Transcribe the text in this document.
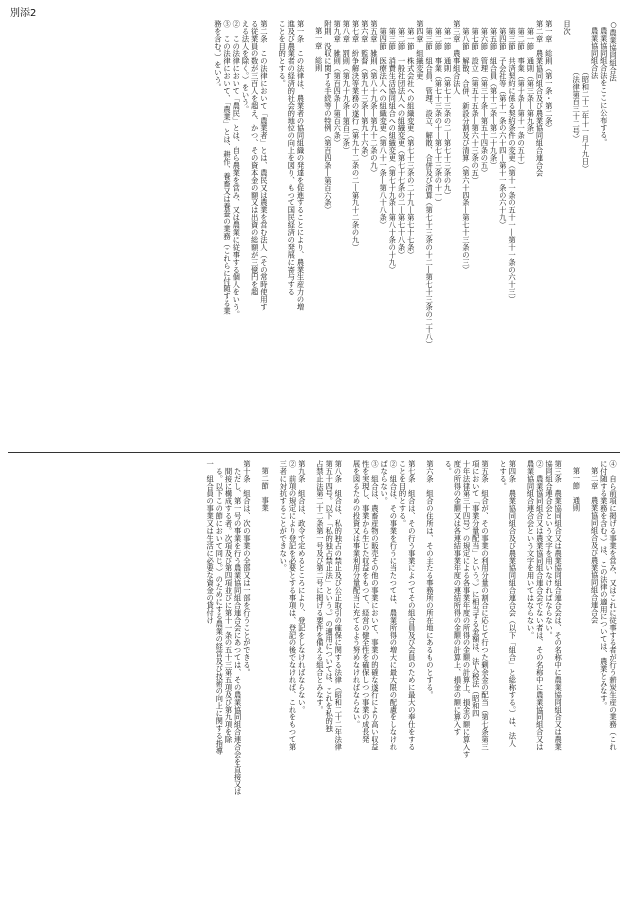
別添2
○農業協同組合法
農業協同組合法をここに公布する。
農業協同組合法
（昭和二十二年十一月十九日）
（法律第百三十二号）
目次
第一章　総則（第一条・第二条）
第二章　農業協同組合及び農業協同組合連合会
　第一節　通則（第三条―第九条）
　第二節　事業（第十条―第十一条の五十）
　第三節　共済契約に係る契約条件の変更（第十一条の五十一―第十一条の六十三）
　第四節　子会社等（第十一条の六十四―第十一条の六十九）
　第五節　組合員（第十二条―第二十九条）
　第六節　管理（第三十条―第五十四条の五）
　第七節　設立（第五十五条―第六十三条の五）
　第八節　解散、合併、新設分割及び清算（第六十四条―第七十三条の三）
第三章　農事組合法人
　第一節　通則（第七十三条の二―第七十三条の九）
　第二節　事業（第七十三条の十―第七十三条の十一）
　第三節　組合員、管理、設立、解散、合併及び清算（第七十三条の十二―第七十三条の二十八）
第四章　組織変更
　第一節　株式会社への組織変更（第七十三条の二十九―第七十七条）
　第二節　一般社団法人への組織変更（第七十七条の二―第七十八条）
　第三節　消費生活協同組合への組織変更（第七十九条―第八十条の十九）
　第四節　医療法人への組織変更（第八十一条―第八十八条）
第五章　雑則（第八十九条―第九十二条の九）
第六章　監督（第九十三条―第九十六条）
第七章　紛争解決等業務の遂行（第九十二条の二―第九十二条の九）
第八章　罰則（第九十九条―第百三条）
第九章　雑則（第百四条―第百六条）
附則　没収に関する手続等の特例（第百四条―第百六条）
第一章　総則
第一条　この法律は、農業者の協同組織の発達を促進することにより、農業生産力の増
進及び農業者の経済的社会的地位の向上を図り、もつて国民経済の発展に寄与する
ことを目的とする。
第二条　この法律において「農業者」とは、農民又は農業を営む法人（その常時使用す
る従業員の数が三百人を超え、かつ、その資本金の額又は出資の総額が三億円を超
える法人を除く。）をいう。
②　この法律において「農民」とは、自ら農業を営み、又は農業に従事する個人をいう。
③　この法律において、「農業」とは、耕作、養畜又は養蚕の業務（これらに付随する業
務を含む。）をいう。
④　自ら前項に掲げる事業を営み、又はこれに従事する者が行う薪炭生産の業務（これ
に付随する業務を含む。）は、この法律の適用については、農業とみなす。
第二章　農業協同組合及び農業協同組合連合会
第一節　通則
第三条　農業協同組合又は農業協同組合連合会は、その名称中に農業協同組合又は農業
協同組合連合会という文字を用いなければならない。
②　農業協同組合又は農業協同組合連合会でない者は、その名称中に農業協同組合又は
農業協同組合連合会という文字を用いてはならない。
第四条　農業協同組合及び農業協同組合連合会（以下「組合」と総称する。）は、法人
とする。
第五条　組合が、その事業の利用分量の割合に応じて行つた剰余金の配当（第七条第三
項において「事業分量配当」という。）に相当する金額は、法人税法（昭和四
十年法律第三十四号）の規定による各事業年度の所得の金額の計算上、損金の額に算入す
度の所得の金額又は各連結事業年度の連結所得の金額の計算上、損金の額に算入す
る。
第六条　組合の住所は、その主たる事務所の所在地にあるものとする。
第七条　組合は、その行う事業によつてその組合員及び会員のために最大の奉仕をする
ことを目的とする。
②　組合は、その事業を行うに当たつては、農業所得の増大に最大限の配慮をしなけれ
ばならない。
③　組合は、農畜産物の販売その他の事業において、事業の的確な遂行により高い収益
性を実現し、事業から生じた収益をもつて、経営の健全性を確保しつつ事業の成長発
展を図るための投資又は事業利用分量配当に充てるよう努めなければならない。
第八条　組合は、私的独占の禁止及び公正取引の確保に関する法律（昭和二十二年法律
第五十四号。以下「私的独占禁止法」という。）の適用については、これを私的独
占禁止法第二十二条第一号及び第二号に掲げる要件を備える組合とみなす。
第九条　組合は、政令で定めるところにより、登記をしなければならない。
②　前項の規定により登記を必要とする事項は、登記の後でなければ、これをもつて第
三者に対抗することができない。
第二節　事業
第十条　組合は、次の事業の全部又は一部を行うことができる。
　ただし、第一号の事業を行う農業協同組合連合会にあつては、その農業協同組合連合会を直接又は
　間接に構成する者。次項及び第四項並びに第十一条の五十三第五項及び第九項を除
　る。以下この節において同じ。）のためにする農業の経営及び技術の向上に関する指導
一　組合員の事業又は生活に必要な資金の貸付け
